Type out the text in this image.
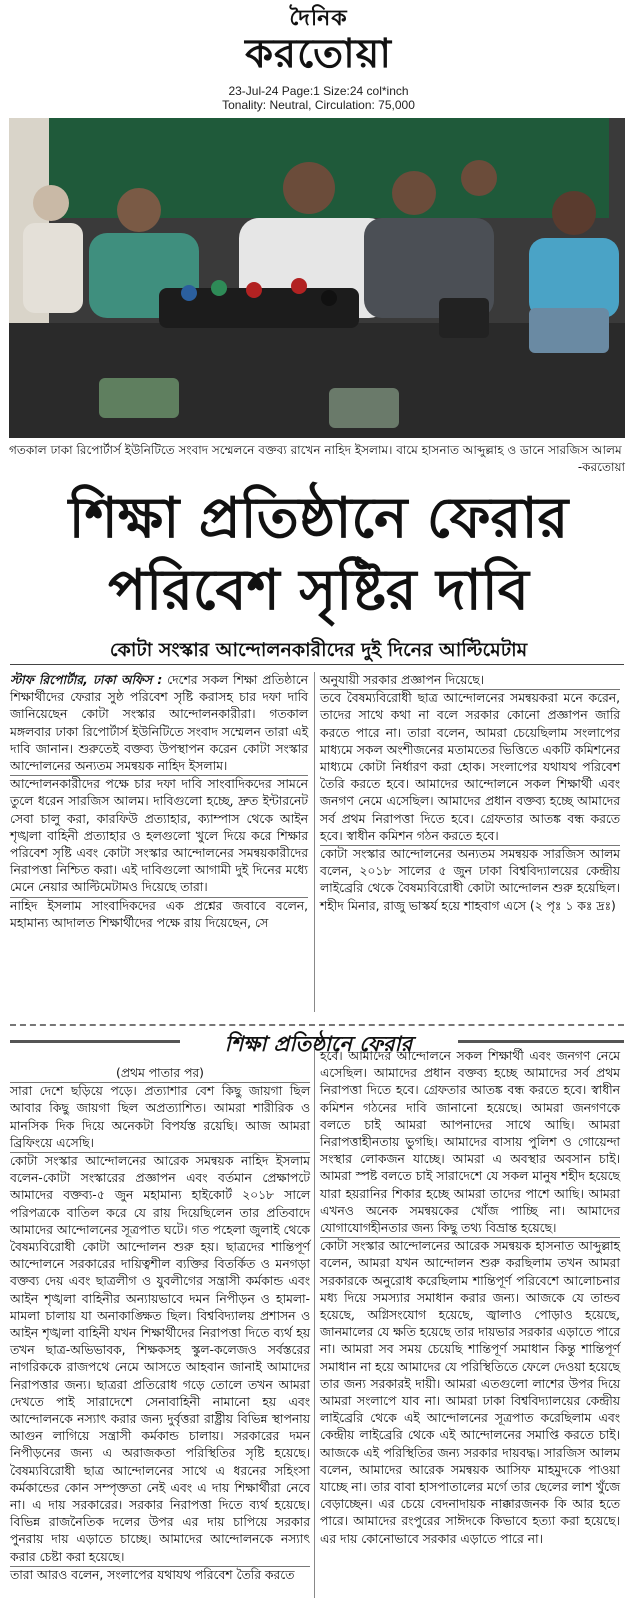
দৈনিক
করতোয়া
23-Jul-24 Page:1 Size:24 col*inch
Tonality: Neutral, Circulation: 75,000
গতকাল ঢাকা রিপোর্টার্স ইউনিটিতে সংবাদ সম্মেলনে বক্তব্য রাখেন নাহিদ ইসলাম। বামে হাসনাত আব্দুল্লাহ ও ডানে সারজিস আলম
-করতোয়া
শিক্ষা প্রতিষ্ঠানে ফেরার
পরিবেশ সৃষ্টির দাবি
কোটা সংস্কার আন্দোলনকারীদের দুই দিনের আল্টিমেটাম

স্টাফ রিপোর্টার, ঢাকা অফিস : দেশের সকল শিক্ষা প্রতিষ্ঠানে শিক্ষার্থীদের ফেরার সুষ্ঠ পরিবেশ সৃষ্টি করাসহ চার দফা দাবি জানিয়েছেন কোটা সংস্কার আন্দোলনকারীরা। গতকাল মঙ্গলবার ঢাকা রিপোর্টার্স ইউনিটিতে সংবাদ সম্মেলন তারা এই দাবি জানান। শুরুতেই বক্তব্য উপস্থাপন করেন কোটা সংস্কার আন্দোলনের অন্যতম সমন্বয়ক নাহিদ ইসলাম।

আন্দোলনকারীদের পক্ষে চার দফা দাবি সাংবাদিকদের সামনে তুলে ধরেন সারজিস আলম। দাবিগুলো হচ্ছে, দ্রুত ইন্টারনেট সেবা চালু করা, কারফিউ প্রত্যাহার, ক্যাম্পাস থেকে আইন শৃঙ্খলা বাহিনী প্রত্যাহার ও হলগুলো খুলে দিয়ে করে শিক্ষার পরিবেশ সৃষ্টি এবং কোটা সংস্কার আন্দোলনের সমন্বয়কারীদের নিরাপত্তা নিশ্চিত করা। এই দাবিগুলো আগামী দুই দিনের মধ্যে মেনে নেয়ার আল্টিমেটামও দিয়েছে তারা।

নাহিদ ইসলাম সাংবাদিকদের এক প্রশ্নের জবাবে বলেন, মহামান্য আদালত শিক্ষার্থীদের পক্ষে রায় দিয়েছেন, সে

অনুযায়ী সরকার প্রজ্ঞাপন দিয়েছে।

তবে বৈষম্যবিরোধী ছাত্র আন্দোলনের সমন্বয়করা মনে করেন, তাদের সাথে কথা না বলে সরকার কোনো প্রজ্ঞাপন জারি করতে পারে না। তারা বলেন, আমরা চেয়েছিলাম সংলাপের মাধ্যমে সকল অংশীজনের মতামতের ভিত্তিতে একটি কমিশনের মাধ্যমে কোটা নির্ধারণ করা হোক। সংলাপের যথাযথ পরিবেশ তৈরি করতে হবে। আমাদের আন্দোলনে সকল শিক্ষার্থী এবং জনগণ নেমে এসেছিল। আমাদের প্রধান বক্তব্য হচ্ছে আমাদের সর্ব প্রথম নিরাপত্তা দিতে হবে। গ্রেফতার আতঙ্ক বন্ধ করতে হবে। স্বাধীন কমিশন গঠন করতে হবে।

কোটা সংস্কার আন্দোলনের অন্যতম সমন্বয়ক সারজিস আলম বলেন, ২০১৮ সালের ৫ জুন ঢাকা বিশ্ববিদ্যালয়ের কেন্দ্রীয় লাইব্রেরি থেকে বৈষম্যবিরোধী কোটা আন্দোলন শুরু হয়েছিল। শহীদ মিনার, রাজু ভাস্কর্য হয়ে শাহবাগ এসে (২ পৃঃ ১ কঃ দ্রঃ)

শিক্ষা প্রতিষ্ঠানে ফেরার

(প্রথম পাতার পর)

সারা দেশে ছড়িয়ে পড়ে। প্রত্যাশার বেশ কিছু জায়গা ছিল আবার কিছু জায়গা ছিল অপ্রত্যাশিত। আমরা শারীরিক ও মানসিক দিক দিয়ে অনেকটা বিপর্যস্ত রয়েছি। আজ আমরা ব্রিফিংয়ে এসেছি।

কোটা সংস্কার আন্দোলনের আরেক সমন্বয়ক নাহিদ ইসলাম বলেন-কোটা সংস্কারের প্রজ্ঞাপন এবং বর্তমান প্রেক্ষাপটে আমাদের বক্তব্য-৫ জুন মহামান্য হাইকোর্ট ২০১৮ সালে পরিপত্রকে বাতিল করে যে রায় দিয়েছিলেন তার প্রতিবাদে আমাদের আন্দোলনের সূত্রপাত ঘটে। গত পহেলা জুলাই থেকে বৈষম্যবিরোধী কোটা আন্দোলন শুরু হয়। ছাত্রদের শান্তিপূর্ণ আন্দোলনে সরকারের দায়িত্বশীল ব্যক্তির বিতর্কিত ও মনগড়া বক্তব্য দেয় এবং ছাত্রলীগ ও যুবলীগের সন্ত্রাসী কর্মকান্ড এবং আইন শৃঙ্খলা বাহিনীর অন্যায়ভাবে দমন নিপীড়ন ও হামলা-মামলা চালায় যা অনাকাঙ্ক্ষিত ছিল। বিশ্ববিদ্যালয় প্রশাসন ও আইন শৃঙ্খলা বাহিনী যখন শিক্ষার্থীদের নিরাপত্তা দিতে ব্যর্থ হয় তখন ছাত্র-অভিভাবক, শিক্ষকসহ স্কুল-কলেজও সর্বস্তরের নাগরিককে রাজপথে নেমে আসতে আহবান জানাই আমাদের নিরাপত্তার জন্য। ছাত্ররা প্রতিরোধ গড়ে তোলে তখন আমরা দেখতে পাই সারাদেশে সেনাবাহিনী নামানো হয় এবং আন্দোলনকে নস্যাৎ করার জন্য দুর্বৃত্তরা রাষ্ট্রীয় বিভিন্ন স্থাপনায় আগুন লাগিয়ে সন্ত্রাসী কর্মকান্ড চালায়। সরকারের দমন নিপীড়নের জন্য এ অরাজকতা পরিস্থিতির সৃষ্টি হয়েছে। বৈষম্যবিরোধী ছাত্র আন্দোলনের সাথে এ ধরনের সহিংসা কর্মকান্ডের কোন সম্পৃক্ততা নেই এবং এ দায় শিক্ষার্থীরা নেবে না। এ দায় সরকারের। সরকার নিরাপত্তা দিতে ব্যর্থ হয়েছে। বিভিন্ন রাজনৈতিক দলের উপর এর দায় চাপিয়ে সরকার পুনরায় দায় এড়াতে চাচ্ছে। আমাদের আন্দোলনকে নস্যাৎ করার চেষ্টা করা হয়েছে।

তারা আরও বলেন, সংলাপের যথাযথ পরিবেশ তৈরি করতে

হবে। আমাদের আন্দোলনে সকল শিক্ষার্থী এবং জনগণ নেমে এসেছিল। আমাদের প্রধান বক্তব্য হচ্ছে আমাদের সর্ব প্রথম নিরাপত্তা দিতে হবে। গ্রেফতার আতঙ্ক বন্ধ করতে হবে। স্বাধীন কমিশন গঠনের দাবি জানানো হয়েছে। আমরা জনগণকে বলতে চাই আমরা আপনাদের সাথে আছি। আমরা নিরাপত্তাহীনতায় ভুগছি। আমাদের বাসায় পুলিশ ও গোয়েন্দা সংস্থার লোকজন যাচ্ছে। আমরা এ অবস্থার অবসান চাই। আমরা স্পষ্ট বলতে চাই সারাদেশে যে সকল মানুষ শহীদ হয়েছে যারা হয়রানির শিকার হচ্ছে আমরা তাদের পাশে আছি। আমরা এখনও অনেক সমন্বয়কের খোঁজ পাচ্ছি না। আমাদের যোগাযোগহীনতার জন্য কিছু তথ্য বিভ্রান্ত হয়েছে।

কোটা সংস্কার আন্দোলনের আরেক সমন্বয়ক হাসনাত আব্দুল্লাহ বলেন, আমরা যখন আন্দোলন শুরু করছিলাম তখন আমরা সরকারকে অনুরোধ করেছিলাম শান্তিপূর্ণ পরিবেশে আলোচনার মধ্য দিয়ে সমস্যার সমাধান করার জন্য। আজকে যে তান্ডব হয়েছে, অগ্নিসংযোগ হয়েছে, জ্বালাও পোড়াও হয়েছে, জানমালের যে ক্ষতি হয়েছে তার দায়ভার সরকার এড়াতে পারে না। আমরা সব সময় চেয়েছি শান্তিপূর্ণ সমাধান কিন্তু শান্তিপূর্ণ সমাধান না হয়ে আমাদের যে পরিস্থিতিতে ফেলে দেওয়া হয়েছে তার জন্য সরকারই দায়ী। আমরা এতগুলো লাশের উপর দিয়ে আমরা সংলাপে যাব না। আমরা ঢাকা বিশ্ববিদ্যালয়ের কেন্দ্রীয় লাইব্রেরি থেকে এই আন্দোলনের সূত্রপাত করেছিলাম এবং কেন্দ্রীয় লাইব্রেরি থেকে এই আন্দোলনের সমাপ্তি করতে চাই। আজকে এই পরিস্থিতির জন্য সরকার দায়বদ্ধ। সারজিস আলম বলেন, আমাদের আরেক সমন্বয়ক আসিফ মাহমুদকে পাওয়া যাচ্ছে না। তার বাবা হাসপাতালের মর্গে তার ছেলের লাশ খুঁজে বেড়াচ্ছেন। এর চেয়ে বেদনাদায়ক নাক্কারজনক কি আর হতে পারে। আমাদের রংপুরের সাঈদকে কিভাবে হত্যা করা হয়েছে। এর দায় কোনোভাবে সরকার এড়াতে পারে না।
